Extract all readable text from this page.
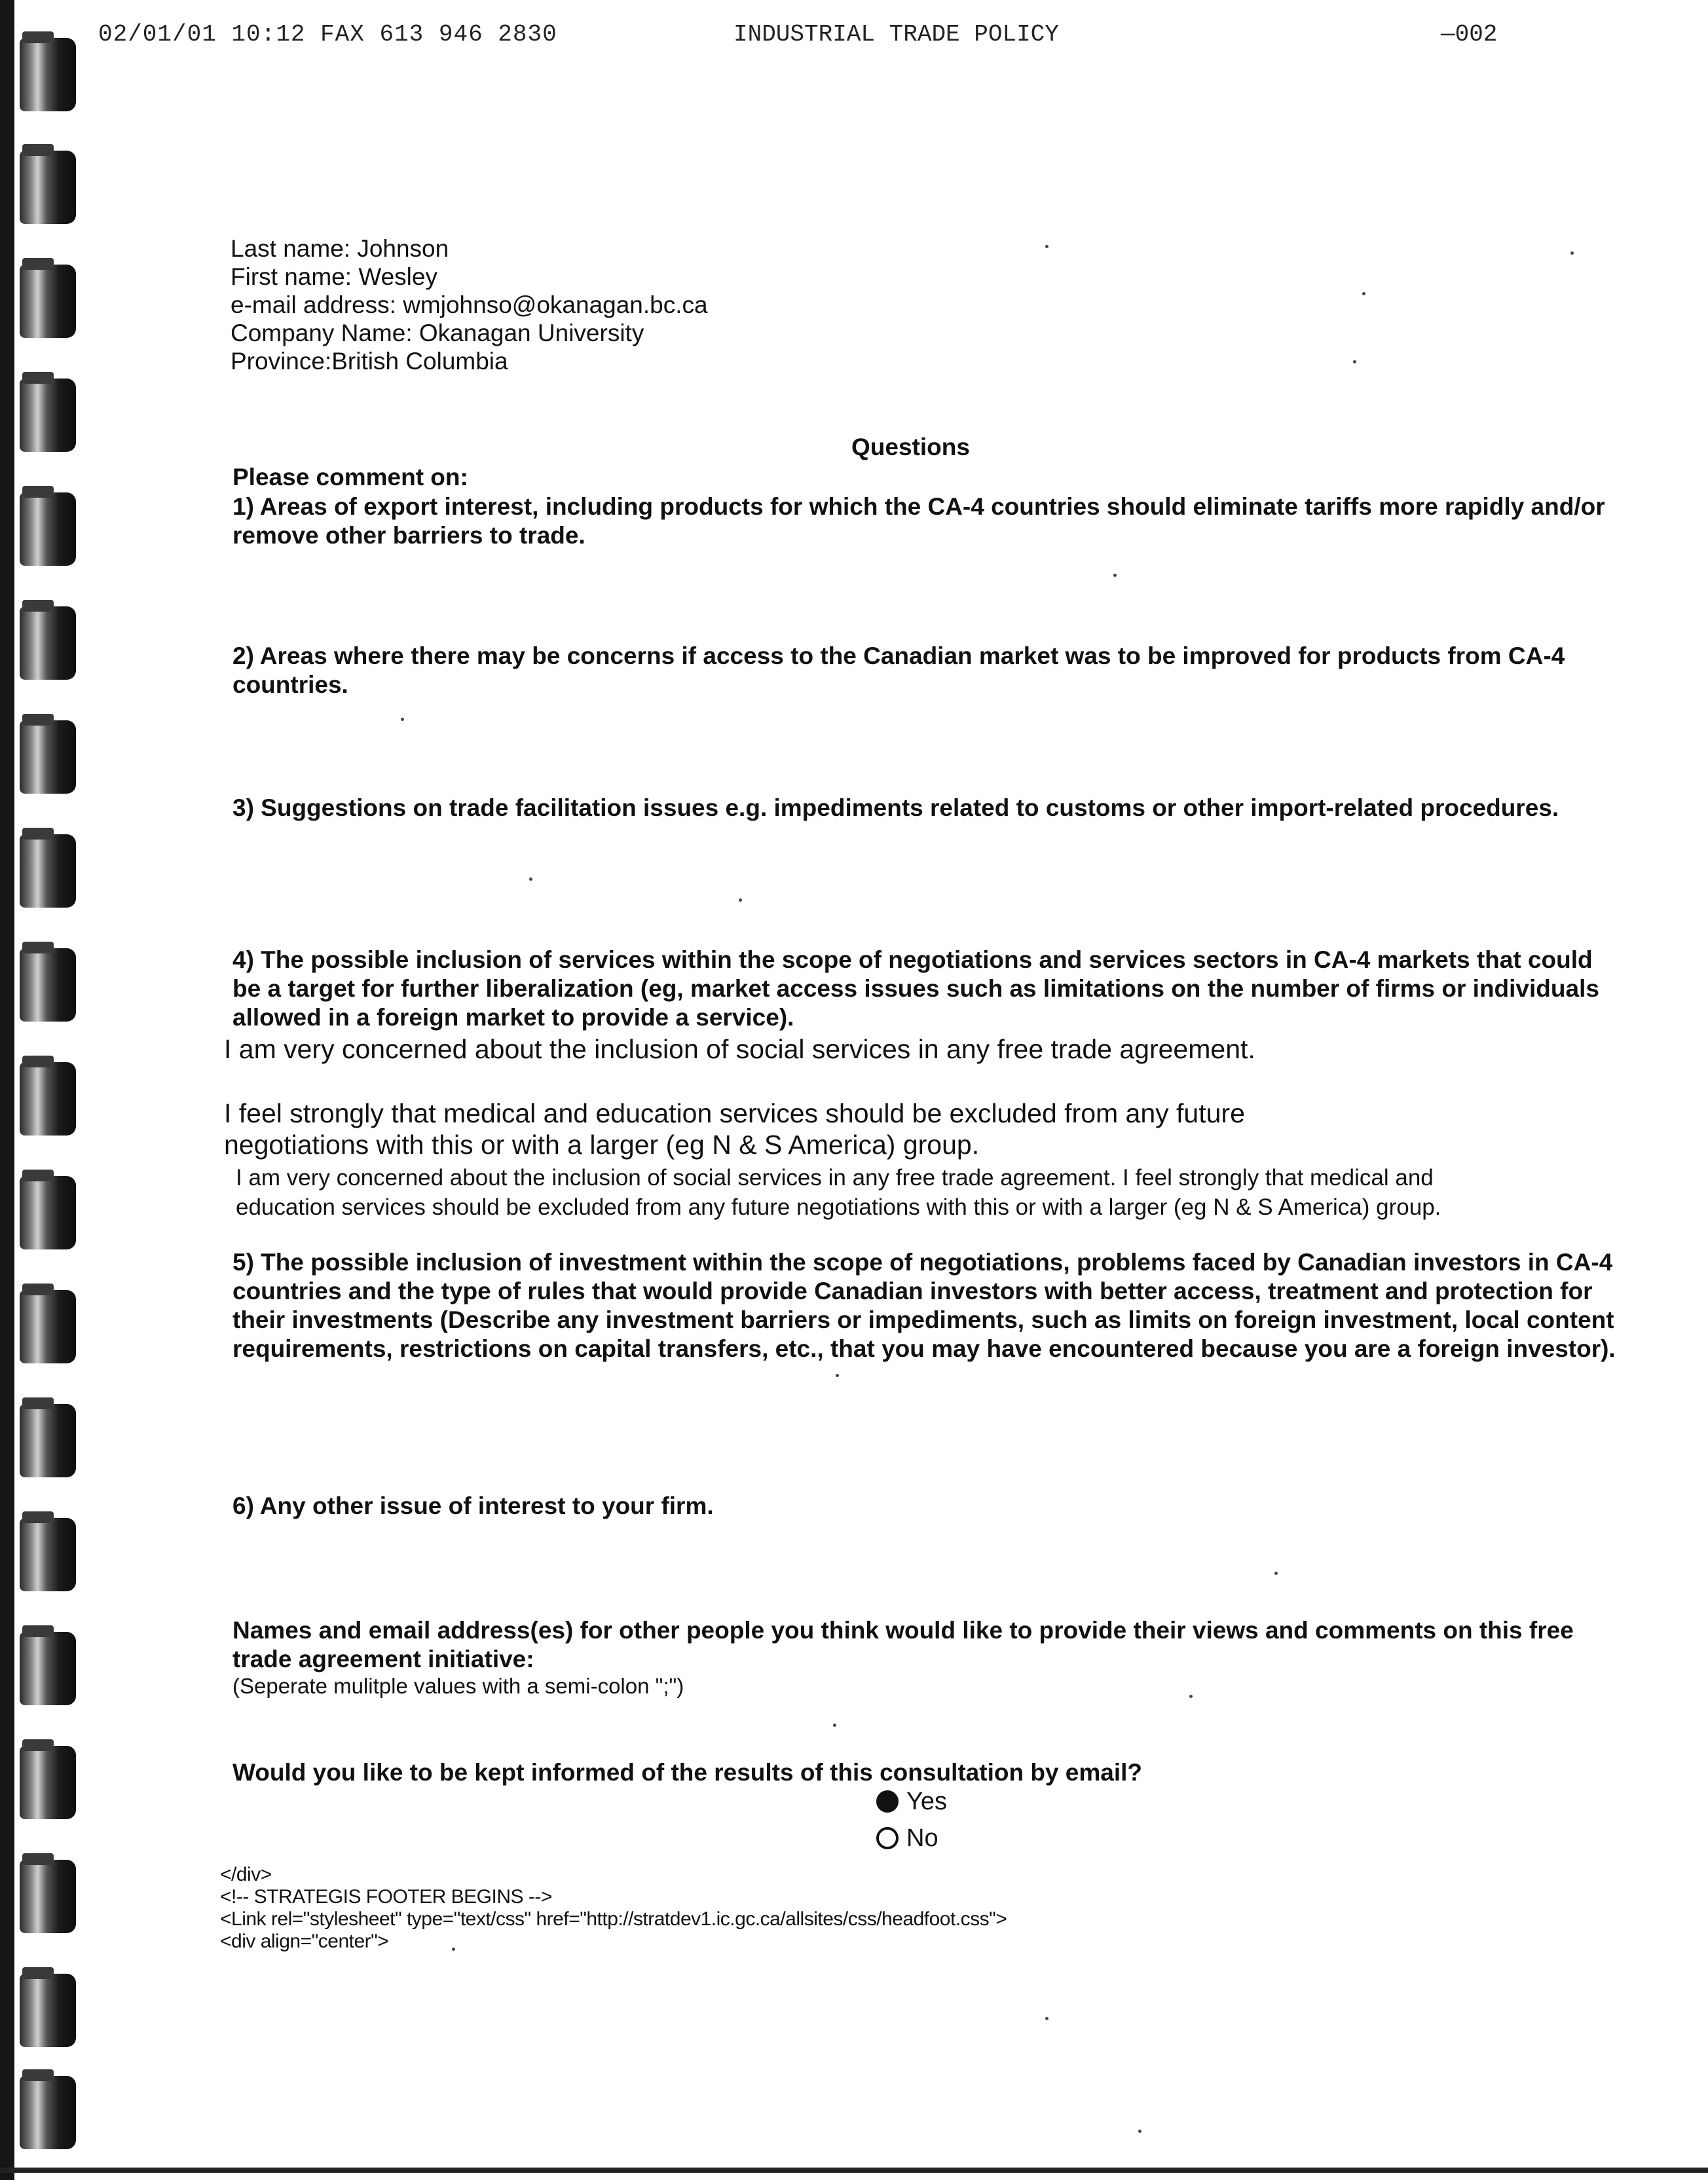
02/01/01 10:12 FAX 613 946 2830	INDUSTRIAL TRADE POLICY	—002
Last name: Johnson
First name: Wesley
e-mail address: wmjohnso@okanagan.bc.ca
Company Name: Okanagan University
Province:British Columbia
Questions
Please comment on:
1) Areas of export interest, including products for which the CA-4 countries should eliminate tariffs more rapidly and/or remove other barriers to trade.
2) Areas where there may be concerns if access to the Canadian market was to be improved for products from CA-4 countries.
3) Suggestions on trade facilitation issues e.g. impediments related to customs or other import-related procedures.
4) The possible inclusion of services within the scope of negotiations and services sectors in CA-4 markets that could be a target for further liberalization (eg, market access issues such as limitations on the number of firms or individuals allowed in a foreign market to provide a service).
I am very concerned about the inclusion of social services in any free trade agreement.
I feel strongly that medical and education services should be excluded from any future
negotiations with this or with a larger (eg N & S America) group.
I am very concerned about the inclusion of social services in any free trade agreement. I feel strongly that medical and
education services should be excluded from any future negotiations with this or with a larger (eg N & S America) group.
5) The possible inclusion of investment within the scope of negotiations, problems faced by Canadian investors in CA-4 countries and the type of rules that would provide Canadian investors with better access, treatment and protection for their investments (Describe any investment barriers or impediments, such as limits on foreign investment, local content requirements, restrictions on capital transfers, etc., that you may have encountered because you are a foreign investor).
6) Any other issue of interest to your firm.
Names and email address(es) for other people you think would like to provide their views and comments on this free trade agreement initiative:
(Seperate mulitple values with a semi-colon ";")
Would you like to be kept informed of the results of this consultation by email?
Yes
No
</div>
<!-- STRATEGIS FOOTER BEGINS -->
<Link rel="stylesheet" type="text/css" href="http://stratdev1.ic.gc.ca/allsites/css/headfoot.css">
<div align="center">
